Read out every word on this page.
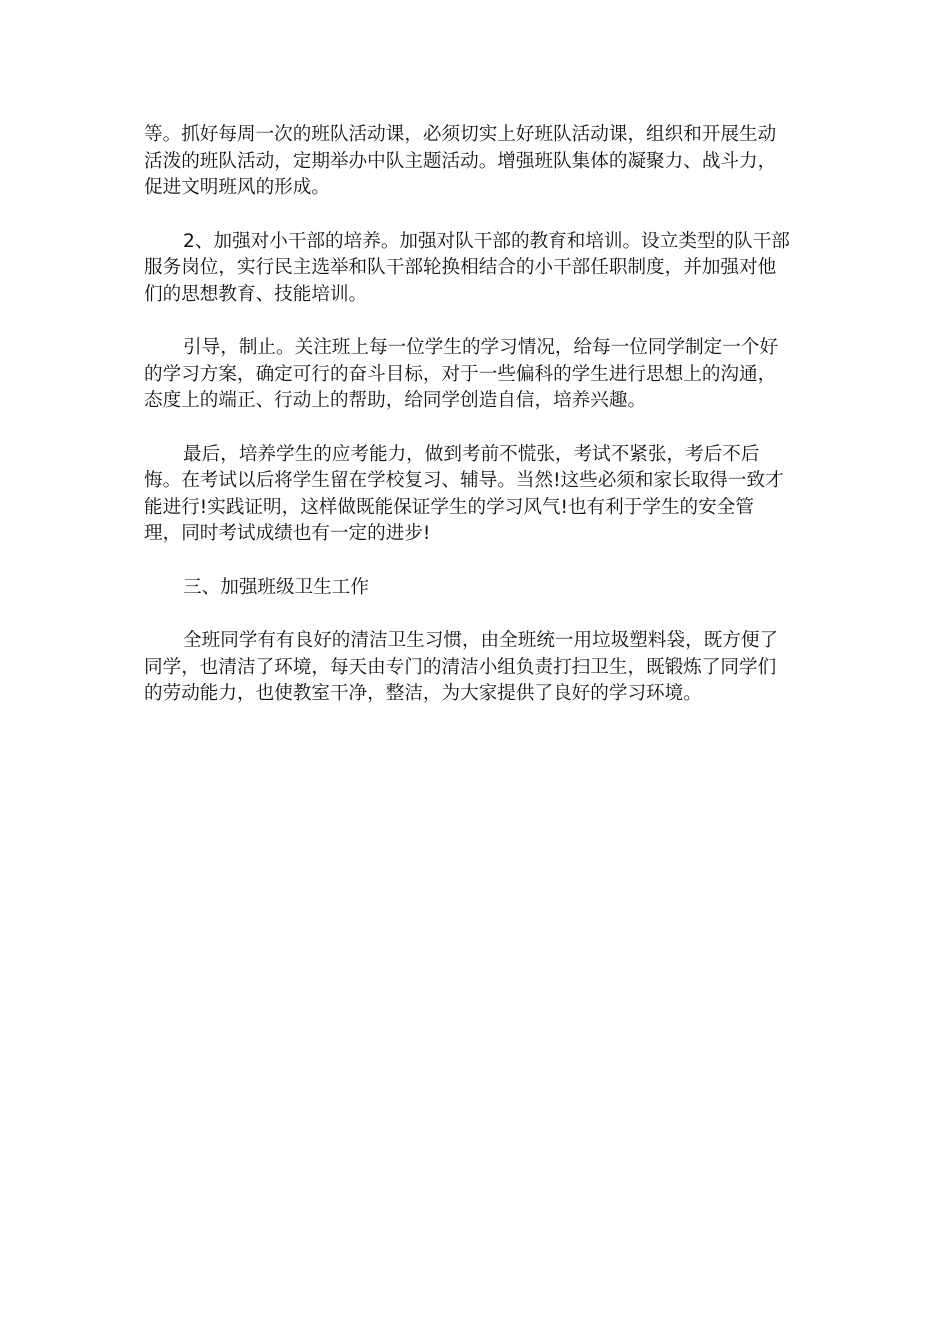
等。抓好每周一次的班队活动课，必须切实上好班队活动课，组织和开展生动
活泼的班队活动，定期举办中队主题活动。增强班队集体的凝聚力、战斗力，
促进文明班风的形成。

2、加强对小干部的培养。加强对队干部的教育和培训。设立类型的队干部
服务岗位，实行民主选举和队干部轮换相结合的小干部任职制度，并加强对他
们的思想教育、技能培训。

引导，制止。关注班上每一位学生的学习情况，给每一位同学制定一个好
的学习方案，确定可行的奋斗目标，对于一些偏科的学生进行思想上的沟通，
态度上的端正、行动上的帮助，给同学创造自信，培养兴趣。

最后，培养学生的应考能力，做到考前不慌张，考试不紧张，考后不后
悔。在考试以后将学生留在学校复习、辅导。当然!这些必须和家长取得一致才
能进行!实践证明，这样做既能保证学生的学习风气!也有利于学生的安全管
理，同时考试成绩也有一定的进步!

三、加强班级卫生工作

全班同学有有良好的清洁卫生习惯，由全班统一用垃圾塑料袋，既方便了
同学，也清洁了环境，每天由专门的清洁小组负责打扫卫生，既锻炼了同学们
的劳动能力，也使教室干净，整洁，为大家提供了良好的学习环境。
